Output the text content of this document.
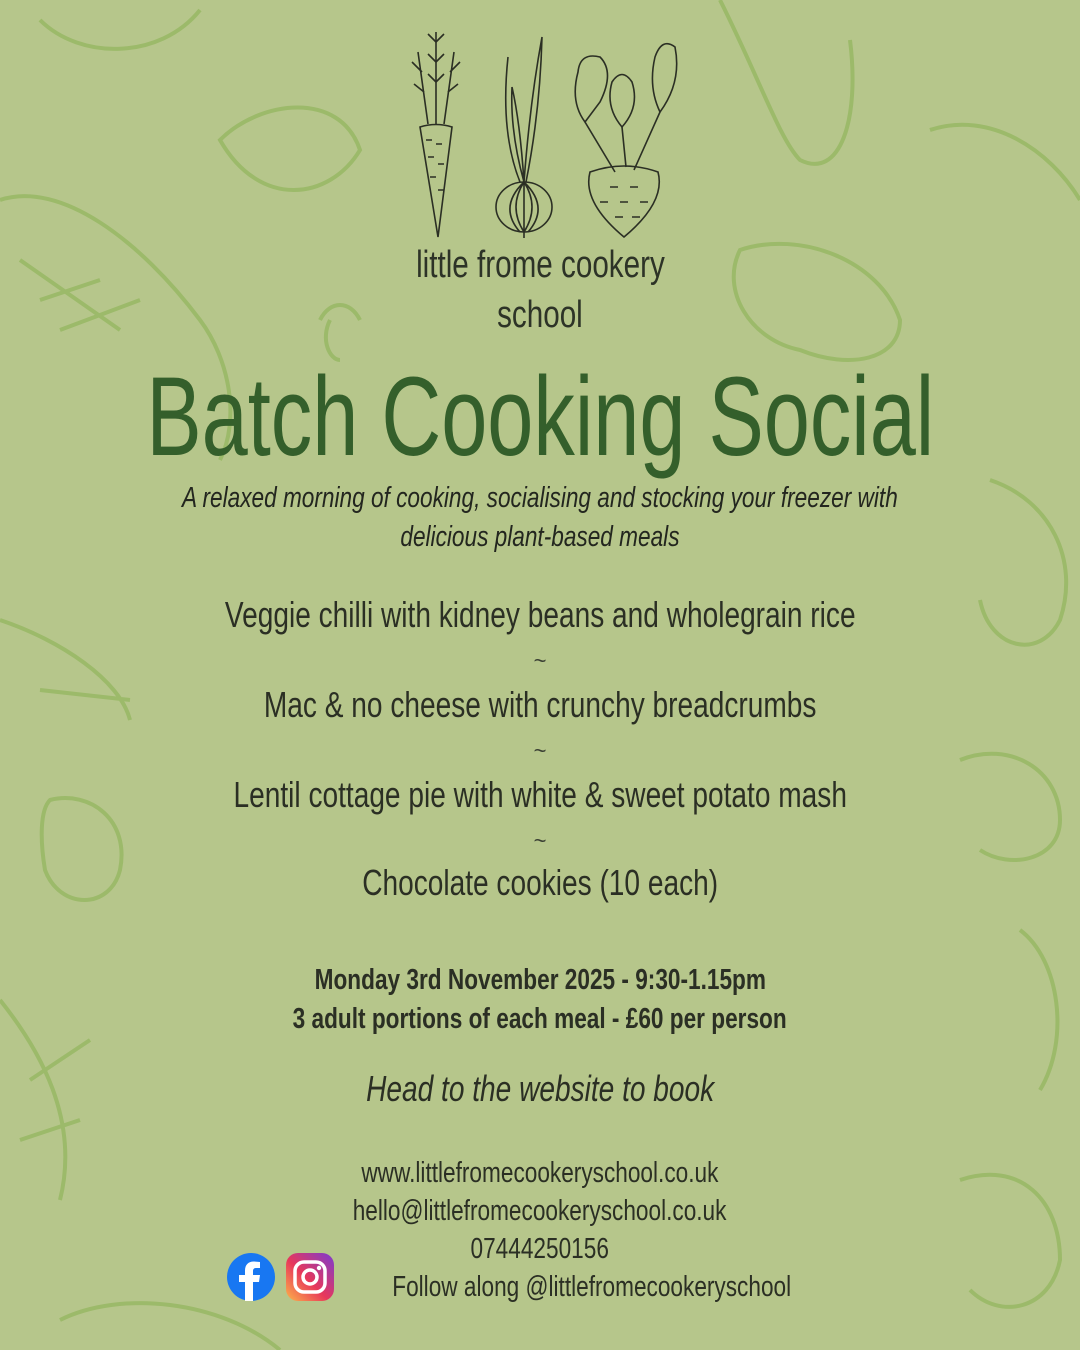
little frome cookery
school
Batch Cooking Social
A relaxed morning of cooking, socialising and stocking your freezer with
delicious plant-based meals
Veggie chilli with kidney beans and wholegrain rice
~
Mac & no cheese with crunchy breadcrumbs
~
Lentil cottage pie with white & sweet potato mash
~
Chocolate cookies (10 each)
Monday 3rd November 2025 - 9:30-1.15pm
3 adult portions of each meal - £60 per person
Head to the website to book
www.littlefromecookeryschool.co.uk
hello@littlefromecookeryschool.co.uk
07444250156
Follow along @littlefromecookeryschool
